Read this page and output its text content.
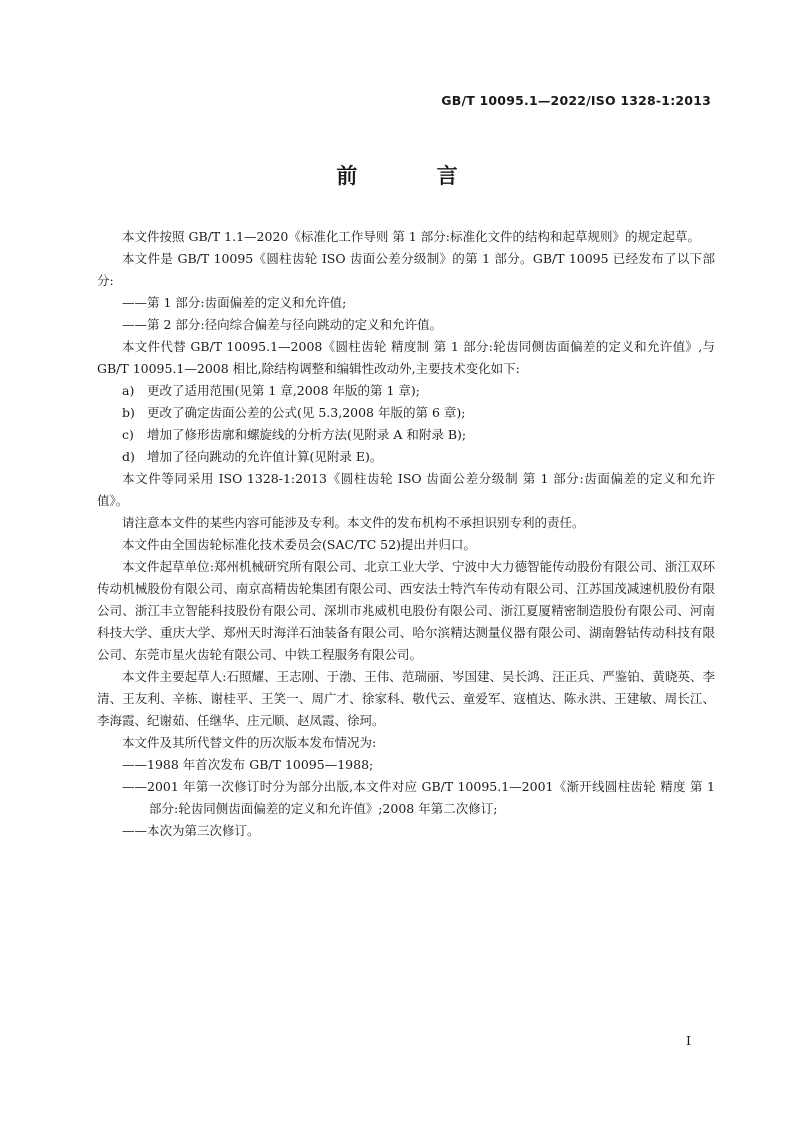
GB/T 10095.1—2022/ISO 1328-1:2013
前 言
本文件按照 GB/T 1.1—2020《标准化工作导则 第 1 部分:标准化文件的结构和起草规则》的规定起草。
本文件是 GB/T 10095《圆柱齿轮 ISO 齿面公差分级制》的第 1 部分。GB/T 10095 已经发布了以下部分:
——第 1 部分:齿面偏差的定义和允许值;
——第 2 部分:径向综合偏差与径向跳动的定义和允许值。
本文件代替 GB/T 10095.1—2008《圆柱齿轮 精度制 第 1 部分:轮齿同侧齿面偏差的定义和允许值》,与 GB/T 10095.1—2008 相比,除结构调整和编辑性改动外,主要技术变化如下:
a) 更改了适用范围(见第 1 章,2008 年版的第 1 章);
b) 更改了确定齿面公差的公式(见 5.3,2008 年版的第 6 章);
c) 增加了修形齿廓和螺旋线的分析方法(见附录 A 和附录 B);
d) 增加了径向跳动的允许值计算(见附录 E)。
本文件等同采用 ISO 1328-1:2013《圆柱齿轮 ISO 齿面公差分级制 第 1 部分:齿面偏差的定义和允许值》。
请注意本文件的某些内容可能涉及专利。本文件的发布机构不承担识别专利的责任。
本文件由全国齿轮标准化技术委员会(SAC/TC 52)提出并归口。
本文件起草单位:郑州机械研究所有限公司、北京工业大学、宁波中大力德智能传动股份有限公司、浙江双环传动机械股份有限公司、南京高精齿轮集团有限公司、西安法士特汽车传动有限公司、江苏国茂减速机股份有限公司、浙江丰立智能科技股份有限公司、深圳市兆威机电股份有限公司、浙江夏厦精密制造股份有限公司、河南科技大学、重庆大学、郑州天时海洋石油装备有限公司、哈尔滨精达测量仪器有限公司、湖南磐钴传动科技有限公司、东莞市星火齿轮有限公司、中铁工程服务有限公司。
本文件主要起草人:石照耀、王志刚、于渤、王伟、范瑞丽、岑国建、吴长鸿、汪正兵、严鉴铂、黄晓英、李清、王友利、辛栋、谢桂平、王笑一、周广才、徐家科、敬代云、童爱军、寇植达、陈永洪、王建敏、周长江、李海霞、纪谢茹、任继华、庄元顺、赵凤霞、徐珂。
本文件及其所代替文件的历次版本发布情况为:
——1988 年首次发布 GB/T 10095—1988;
——2001 年第一次修订时分为部分出版,本文件对应 GB/T 10095.1—2001《渐开线圆柱齿轮 精度 第 1 部分:轮齿同侧齿面偏差的定义和允许值》;2008 年第二次修订;
——本次为第三次修订。
I
